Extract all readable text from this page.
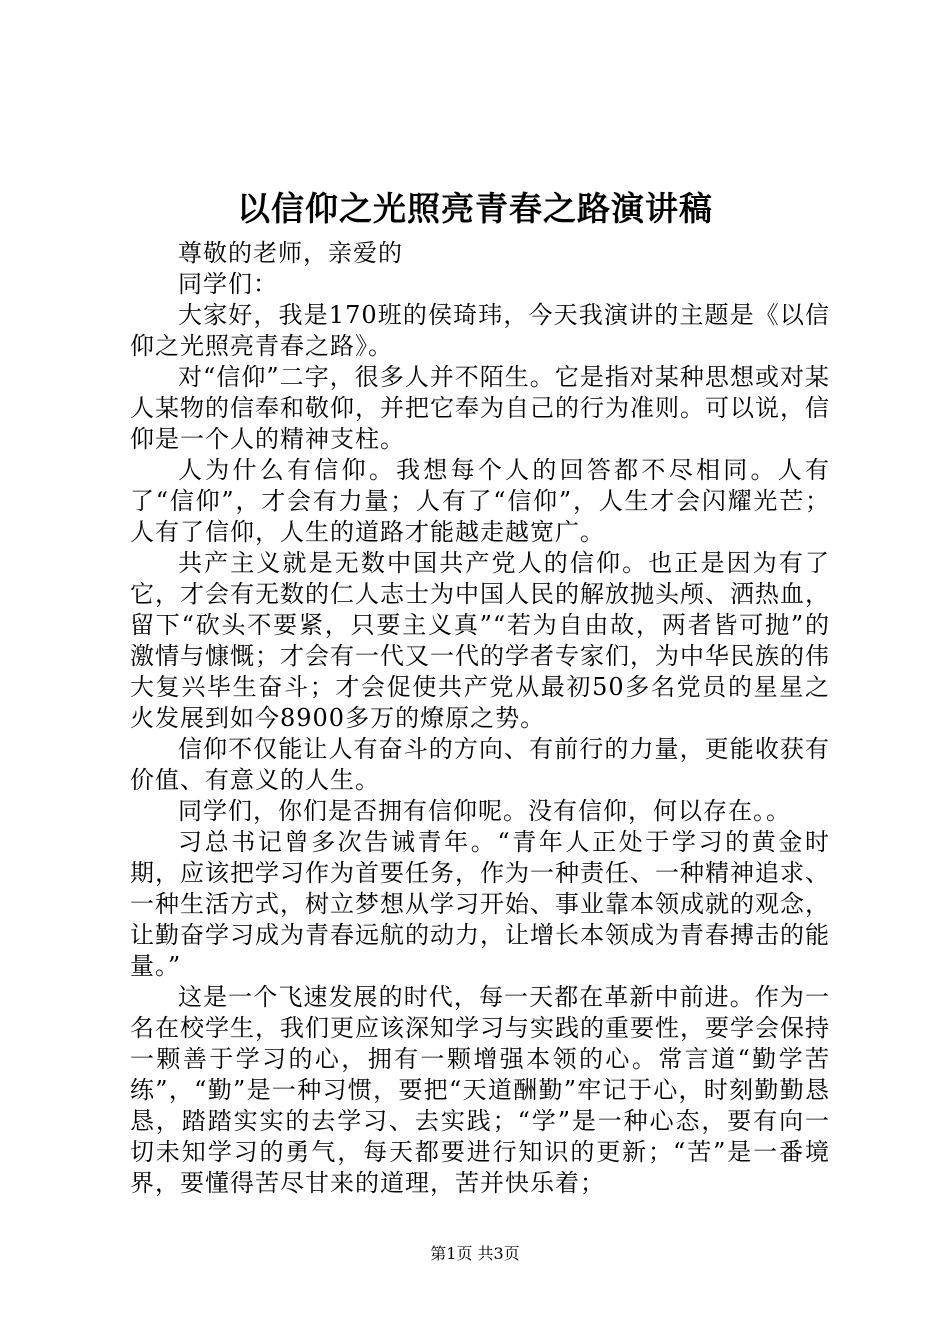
以信仰之光照亮青春之路演讲稿

尊敬的老师，亲爱的

同学们：

大家好，我是170班的侯琦玮，今天我演讲的主题是《以信仰之光照亮青春之路》。

对“信仰”二字，很多人并不陌生。它是指对某种思想或对某人某物的信奉和敬仰，并把它奉为自己的行为准则。可以说，信仰是一个人的精神支柱。

人为什么有信仰。我想每个人的回答都不尽相同。人有了“信仰”，才会有力量；人有了“信仰”，人生才会闪耀光芒；人有了信仰，人生的道路才能越走越宽广。

共产主义就是无数中国共产党人的信仰。也正是因为有了它，才会有无数的仁人志士为中国人民的解放抛头颅、洒热血，留下“砍头不要紧，只要主义真”“若为自由故，两者皆可抛”的激情与慷慨；才会有一代又一代的学者专家们，为中华民族的伟大复兴毕生奋斗；才会促使共产党从最初50多名党员的星星之火发展到如今8900多万的燎原之势。

信仰不仅能让人有奋斗的方向、有前行的力量，更能收获有价值、有意义的人生。

同学们，你们是否拥有信仰呢。没有信仰，何以存在。。

习总书记曾多次告诫青年。“青年人正处于学习的黄金时期，应该把学习作为首要任务，作为一种责任、一种精神追求、一种生活方式，树立梦想从学习开始、事业靠本领成就的观念，让勤奋学习成为青春远航的动力，让增长本领成为青春搏击的能量。”

这是一个飞速发展的时代，每一天都在革新中前进。作为一名在校学生，我们更应该深知学习与实践的重要性，要学会保持一颗善于学习的心，拥有一颗增强本领的心。常言道“勤学苦练”，“勤”是一种习惯，要把“天道酬勤”牢记于心，时刻勤勤恳恳，踏踏实实的去学习、去实践；“学”是一种心态，要有向一切未知学习的勇气，每天都要进行知识的更新；“苦”是一番境界，要懂得苦尽甘来的道理，苦并快乐着；

第1页 共3页
